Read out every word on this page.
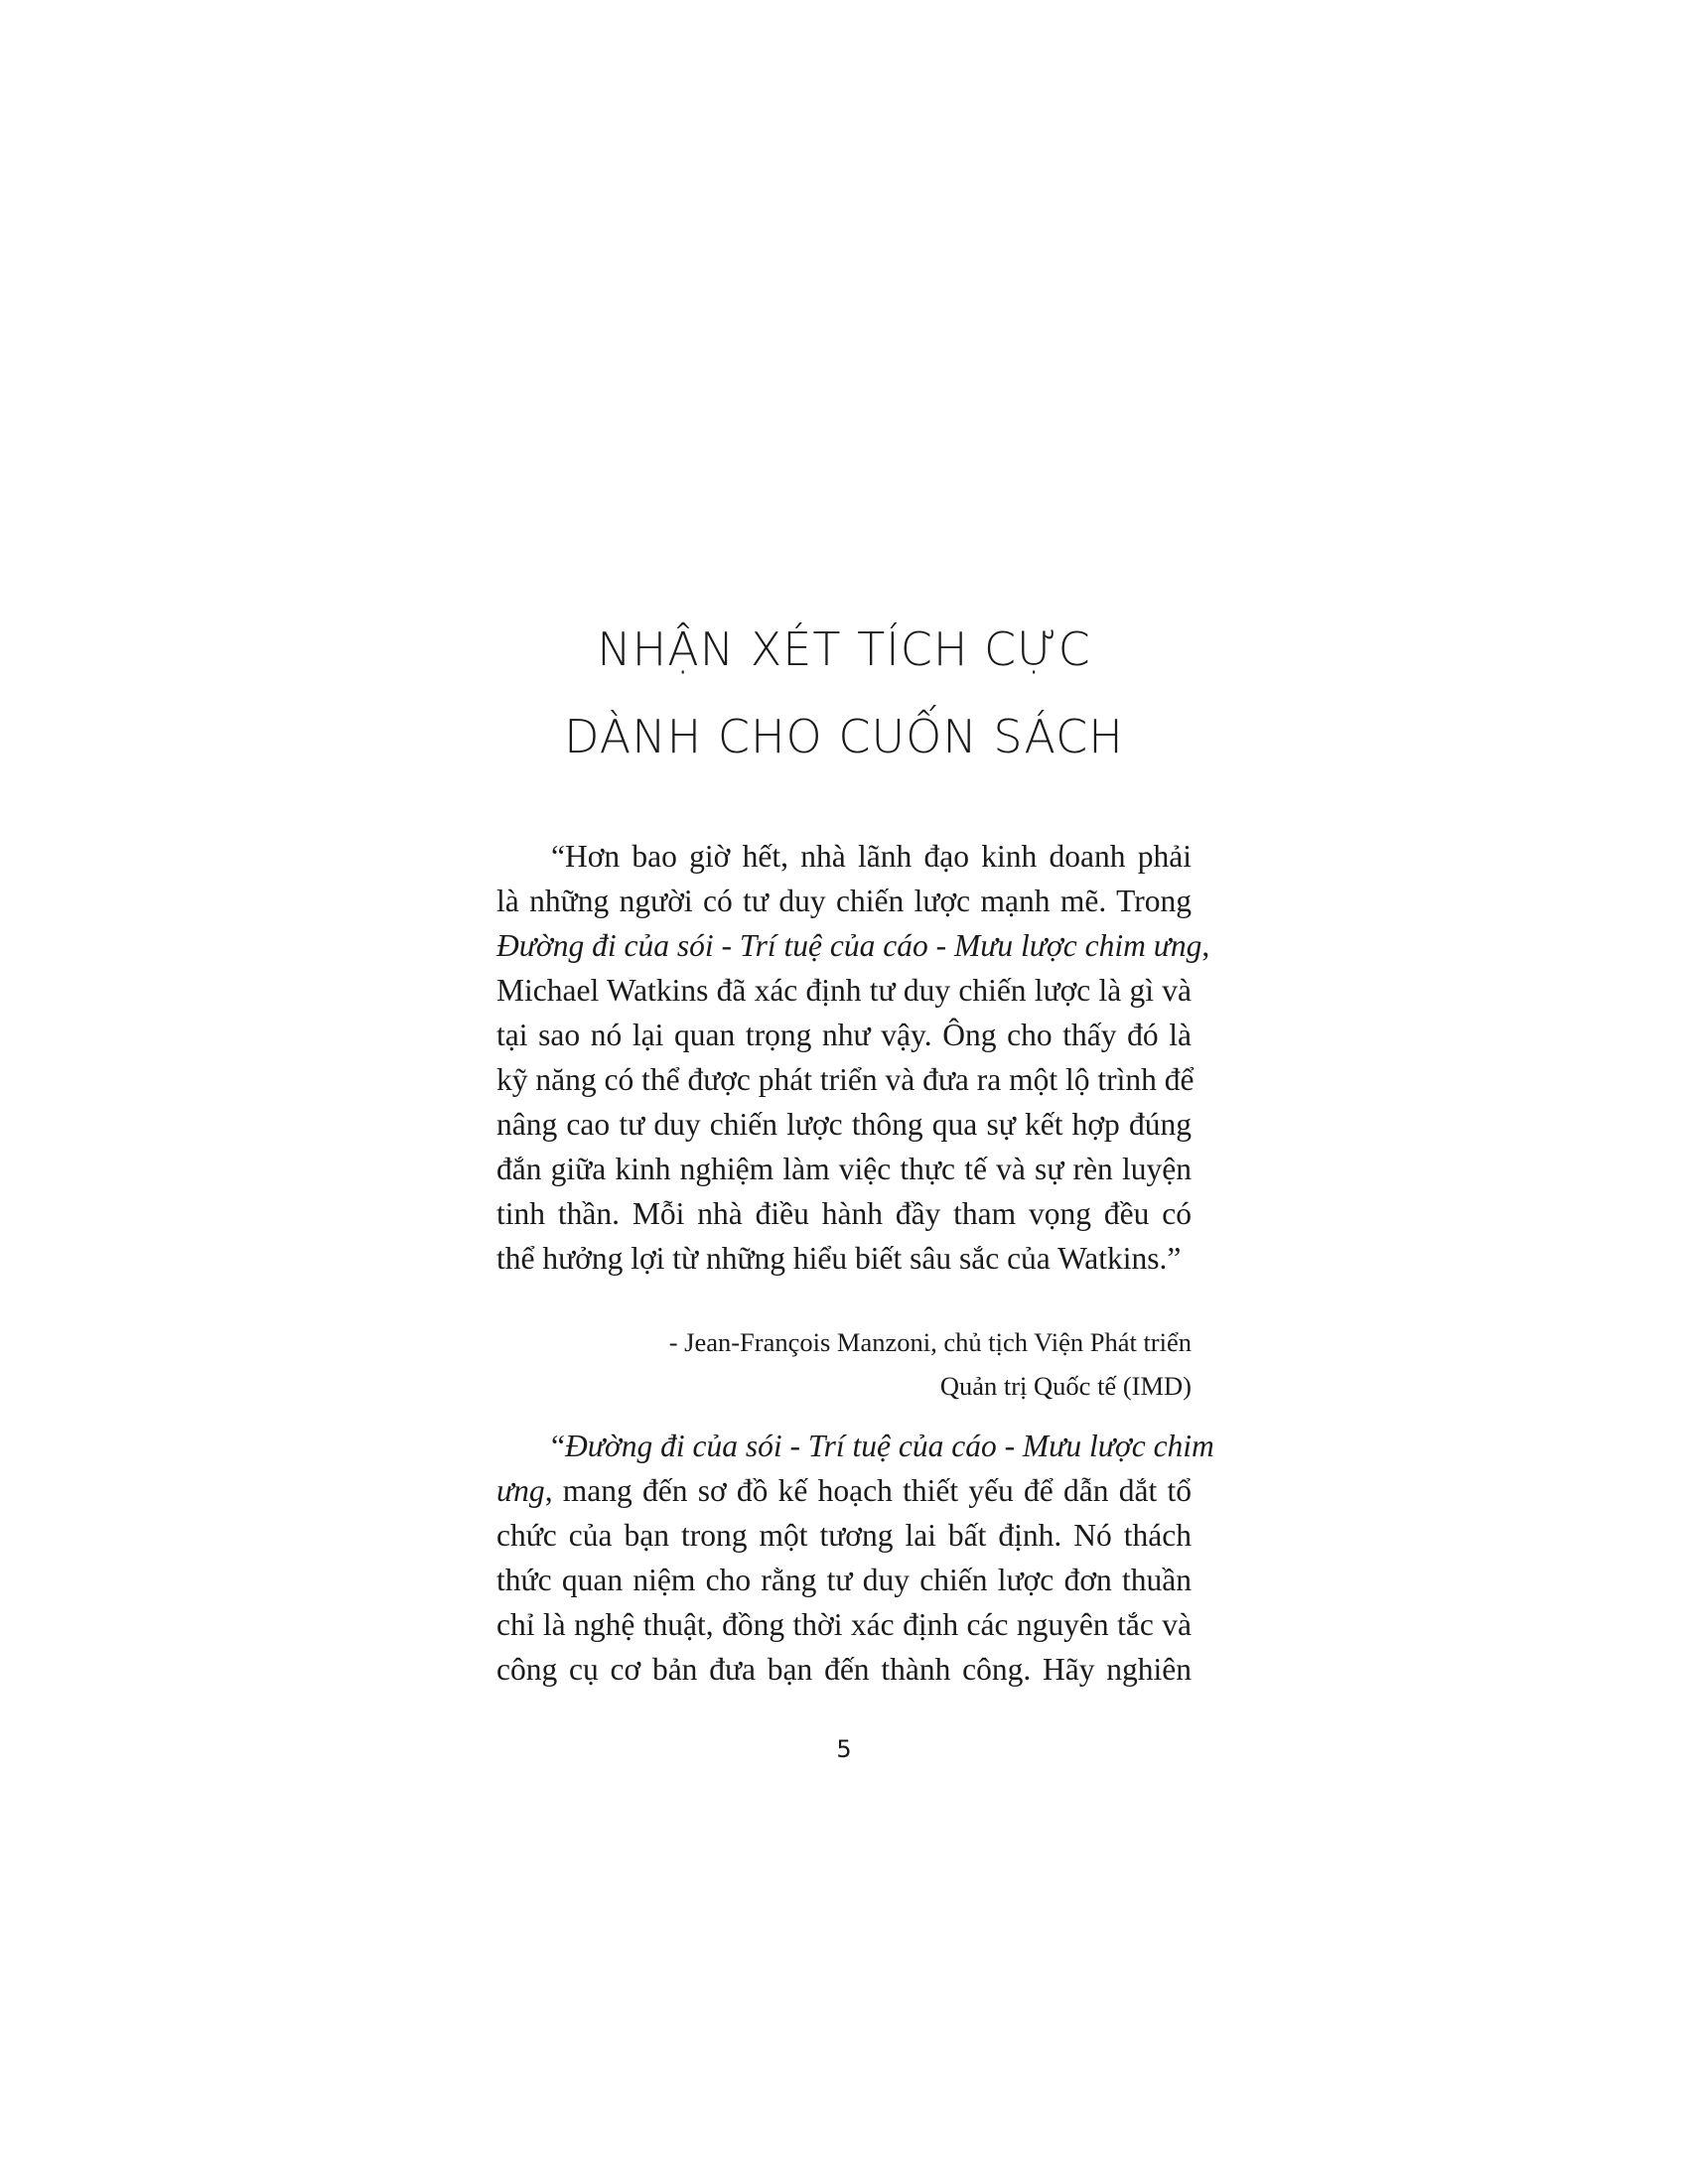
NHẬN XÉT TÍCH CỰC
DÀNH CHO CUỐN SÁCH
“Hơn bao giờ hết, nhà lãnh đạo kinh doanh phải
là những người có tư duy chiến lược mạnh mẽ. Trong
Đường đi của sói - Trí tuệ của cáo - Mưu lược chim ưng,
Michael Watkins đã xác định tư duy chiến lược là gì và
tại sao nó lại quan trọng như vậy. Ông cho thấy đó là
kỹ năng có thể được phát triển và đưa ra một lộ trình để
nâng cao tư duy chiến lược thông qua sự kết hợp đúng
đắn giữa kinh nghiệm làm việc thực tế và sự rèn luyện
tinh thần. Mỗi nhà điều hành đầy tham vọng đều có
thể hưởng lợi từ những hiểu biết sâu sắc của Watkins.”
- Jean-François Manzoni, chủ tịch Viện Phát triển
Quản trị Quốc tế (IMD)
“Đường đi của sói - Trí tuệ của cáo - Mưu lược chim
ưng, mang đến sơ đồ kế hoạch thiết yếu để dẫn dắt tổ
chức của bạn trong một tương lai bất định. Nó thách
thức quan niệm cho rằng tư duy chiến lược đơn thuần
chỉ là nghệ thuật, đồng thời xác định các nguyên tắc và
công cụ cơ bản đưa bạn đến thành công. Hãy nghiên
5
